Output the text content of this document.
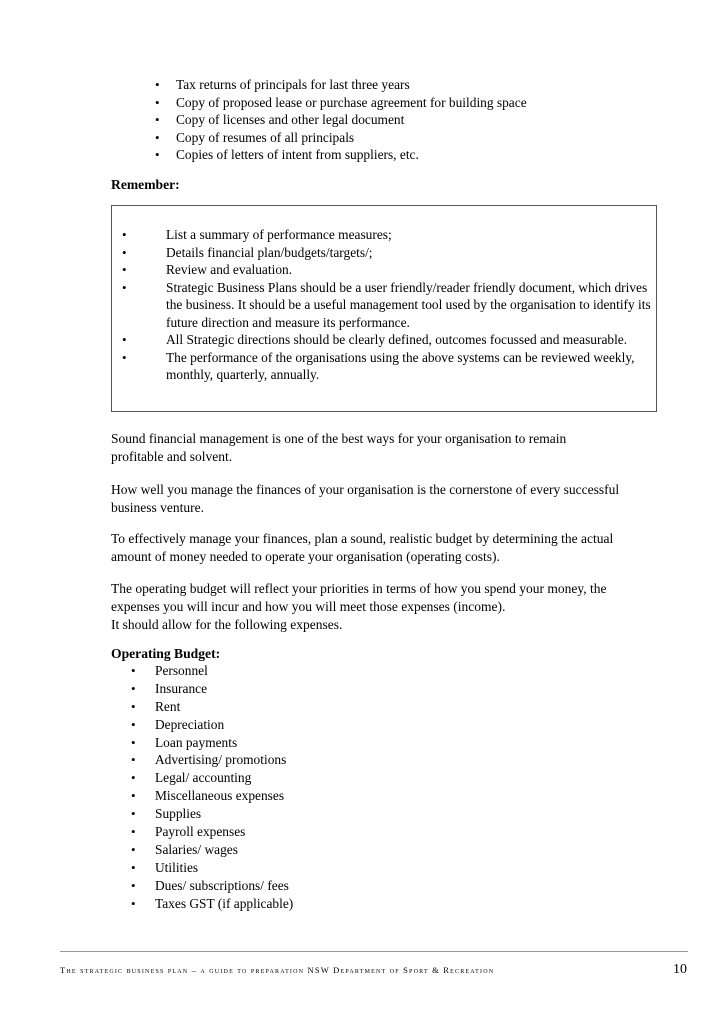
• Tax returns of principals for last three years
• Copy of proposed lease or purchase agreement for building space
• Copy of licenses and other legal document
• Copy of resumes of all principals
• Copies of letters of intent from suppliers, etc.
Remember:
•	List a summary of performance measures;
•	Details financial plan/budgets/targets/;
•	Review and evaluation.
•	Strategic Business Plans should be a user friendly/reader friendly document, which drives the business. It should be a useful management tool used by the organisation to identify its future direction and measure its performance.
•	All Strategic directions should be clearly defined, outcomes focussed and measurable.
•	The performance of the organisations using the above systems can be reviewed weekly, monthly, quarterly, annually.

Sound financial management is one of the best ways for your organisation to remain
profitable and solvent.

How well you manage the finances of your organisation is the cornerstone of every successful
business venture.

To effectively manage your finances, plan a sound, realistic budget by determining the actual
amount of money needed to operate your organisation (operating costs).

The operating budget will reflect your priorities in terms of how you spend your money, the
expenses you will incur and how you will meet those expenses (income).
It should allow for the following expenses.

Operating Budget:
• Personnel
• Insurance
• Rent
• Depreciation
• Loan payments
• Advertising/ promotions
• Legal/ accounting
• Miscellaneous expenses
• Supplies
• Payroll expenses
• Salaries/ wages
• Utilities
• Dues/ subscriptions/ fees
• Taxes GST (if applicable)
The strategic business plan – a guide to preparation NSW Department of Sport & Recreation	10
